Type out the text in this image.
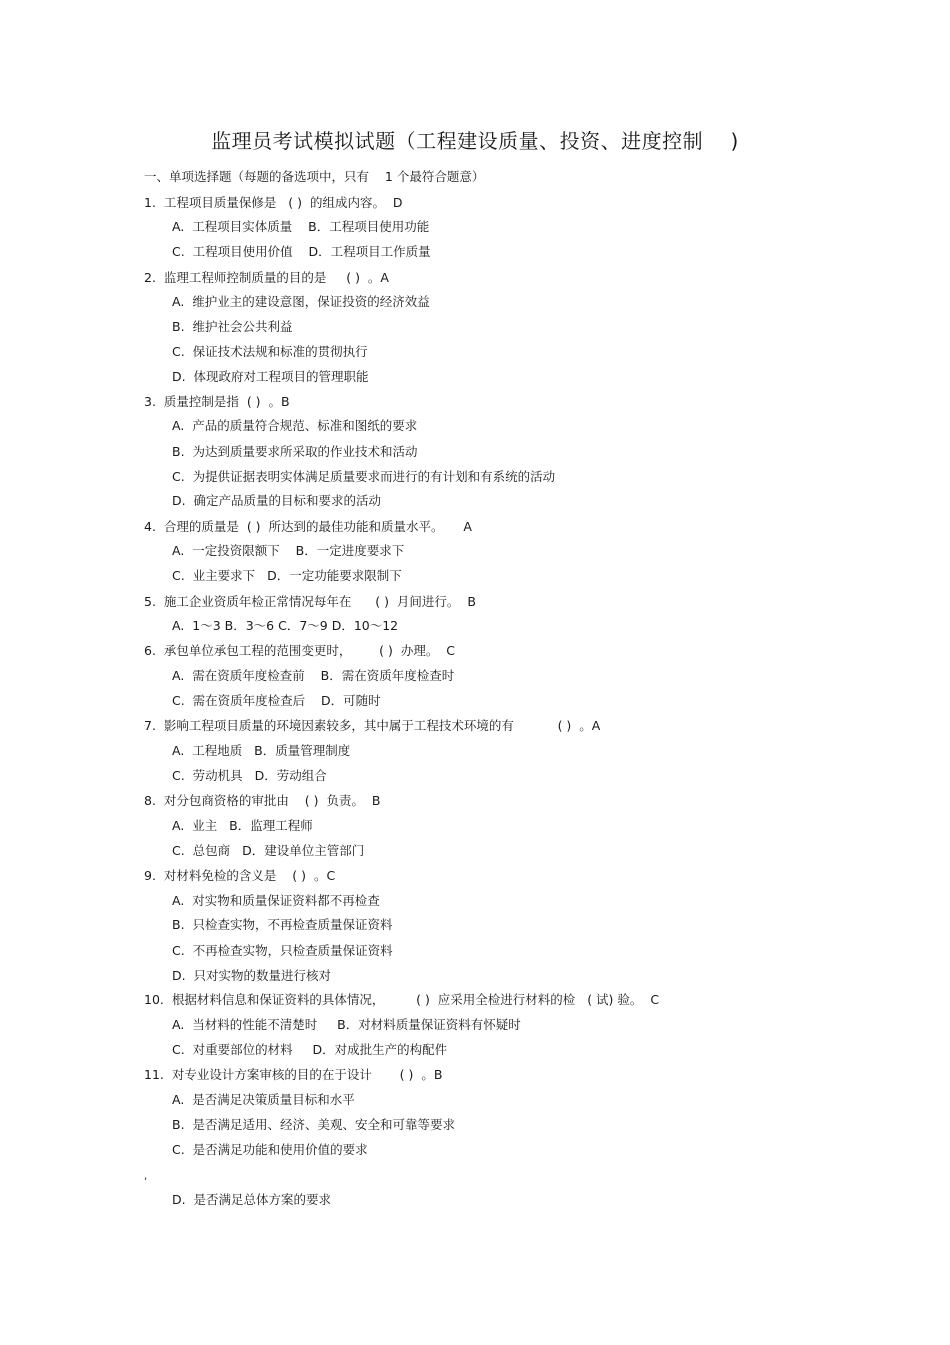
监理员考试模拟试题（工程建设质量、投资、进度控制    )
一、单项选择题（每题的备选项中，只有    1 个最符合题意）
1.  工程项目质量保修是   ( )  的组成内容。  D
A.  工程项目实体质量    B．工程项目使用功能
C.  工程项目使用价值    D．工程项目工作质量
2.  监理工程师控制质量的目的是     ( )  。A
A.  维护业主的建设意图，保证投资的经济效益
B.  维护社会公共利益
C.  保证技术法规和标准的贯彻执行
D.  体现政府对工程项目的管理职能
3.  质量控制是指  ( )  。B
A.  产品的质量符合规范、标准和图纸的要求
B.  为达到质量要求所采取的作业技术和活动
C.  为提供证据表明实体满足质量要求而进行的有计划和有系统的活动
D.  确定产品质量的目标和要求的活动
4.  合理的质量是  ( )  所达到的最佳功能和质量水平。     A
A.  一定投资限额下    B．一定进度要求下
C.  业主要求下   D．一定功能要求限制下
5.  施工企业资质年检正常情况每年在      ( )  月间进行。  B
A.  1～3 B．3～6 C．7～9 D．10～12
6.  承包单位承包工程的范围变更时，       ( )  办理。  C
A.  需在资质年度检查前    B．需在资质年度检查时
C.  需在资质年度检查后    D．可随时
7.  影响工程项目质量的环境因素较多，其中属于工程技术环境的有           ( )  。A
A.  工程地质   B．质量管理制度
C.  劳动机具   D．劳动组合
8.  对分包商资格的审批由    ( )  负责。  B
A.  业主   B．监理工程师
C.  总包商   D．建设单位主管部门
9.  对材料免检的含义是    ( )  。C
A.  对实物和质量保证资料都不再检查
B.  只检查实物，不再检查质量保证资料
C.  不再检查实物，只检查质量保证资料
D.  只对实物的数量进行核对
10.  根据材料信息和保证资料的具体情况，        ( )  应采用全检进行材料的检   ( 试) 验。  C
A.  当材料的性能不清楚时     B．对材料质量保证资料有怀疑时
C.  对重要部位的材料     D．对成批生产的构配件
11.  对专业设计方案审核的目的在于设计       ( )  。B
A.  是否满足决策质量目标和水平
B.  是否满足适用、经济、美观、安全和可靠等要求
C.  是否满足功能和使用价值的要求
,
D.  是否满足总体方案的要求
